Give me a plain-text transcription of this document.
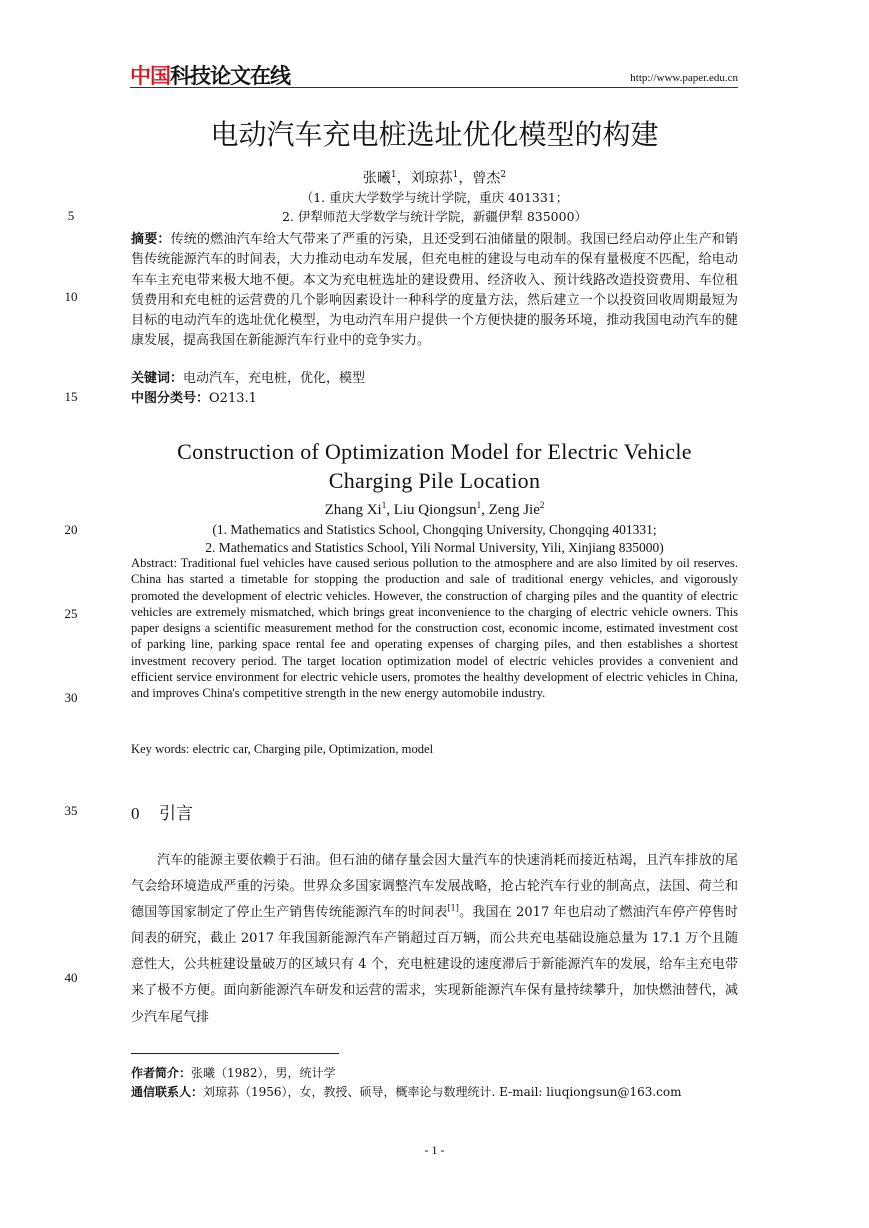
中国科技论文在线	http://www.paper.edu.cn
电动汽车充电桩选址优化模型的构建
张曦$^1$，刘琼荪$^1$，曾杰$^2$
（1. 重庆大学数学与统计学院，重庆 401331；
2. 伊犁师范大学数学与统计学院，新疆伊犁 835000）
摘要：传统的燃油汽车给大气带来了严重的污染，且还受到石油储量的限制。我国已经启动停止生产和销售传统能源汽车的时间表，大力推动电动车发展，但充电桩的建设与电动车的保有量极度不匹配，给电动车车主充电带来极大地不便。本文为充电桩选址的建设费用、经济收入、预计线路改造投资费用、车位租赁费用和充电桩的运营费的几个影响因素设计一种科学的度量方法，然后建立一个以投资回收周期最短为目标的电动汽车的选址优化模型，为电动汽车用户提供一个方便快捷的服务环境，推动我国电动汽车的健康发展，提高我国在新能源汽车行业中的竞争实力。
关键词：电动汽车，充电桩，优化，模型
中图分类号：O213.1
Construction of Optimization Model for Electric Vehicle
Charging Pile Location
Zhang Xi$^1$, Liu Qiongsun$^1$, Zeng Jie$^2$
(1. Mathematics and Statistics School, Chongqing University, Chongqing 401331;
2. Mathematics and Statistics School, Yili Normal University, Yili, Xinjiang 835000)
Abstract: Traditional fuel vehicles have caused serious pollution to the atmosphere and are also limited by oil reserves. China has started a timetable for stopping the production and sale of traditional energy vehicles, and vigorously promoted the development of electric vehicles. However, the construction of charging piles and the quantity of electric vehicles are extremely mismatched, which brings great inconvenience to the charging of electric vehicle owners. This paper designs a scientific measurement method for the construction cost, economic income, estimated investment cost of parking line, parking space rental fee and operating expenses of charging piles, and then establishes a shortest investment recovery period. The target location optimization model of electric vehicles provides a convenient and efficient service environment for electric vehicle users, promotes the healthy development of electric vehicles in China, and improves China's competitive strength in the new energy automobile industry.
Key words: electric car, Charging pile, Optimization, model
0 引言
汽车的能源主要依赖于石油。但石油的储存量会因大量汽车的快速消耗而接近枯竭，且汽车排放的尾气会给环境造成严重的污染。世界众多国家调整汽车发展战略，抢占轮汽车行业的制高点，法国、荷兰和德国等国家制定了停止生产销售传统能源汽车的时间表[1]。我国在 2017 年也启动了燃油汽车停产停售时间表的研究，截止 2017 年我国新能源汽车产销超过百万辆，而公共充电基础设施总量为 17.1 万个且随意性大，公共桩建设量破万的区域只有 4 个，充电桩建设的速度滞后于新能源汽车的发展，给车主充电带来了极不方便。面向新能源汽车研发和运营的需求，实现新能源汽车保有量持续攀升，加快燃油替代，减少汽车尾气排
作者简介：张曦（1982），男，统计学
通信联系人：刘琼荪（1956），女，教授、硕导，概率论与数理统计. E-mail: liuqiongsun@163.com
5
10
15
20
25
30
35
40
- 1 -
